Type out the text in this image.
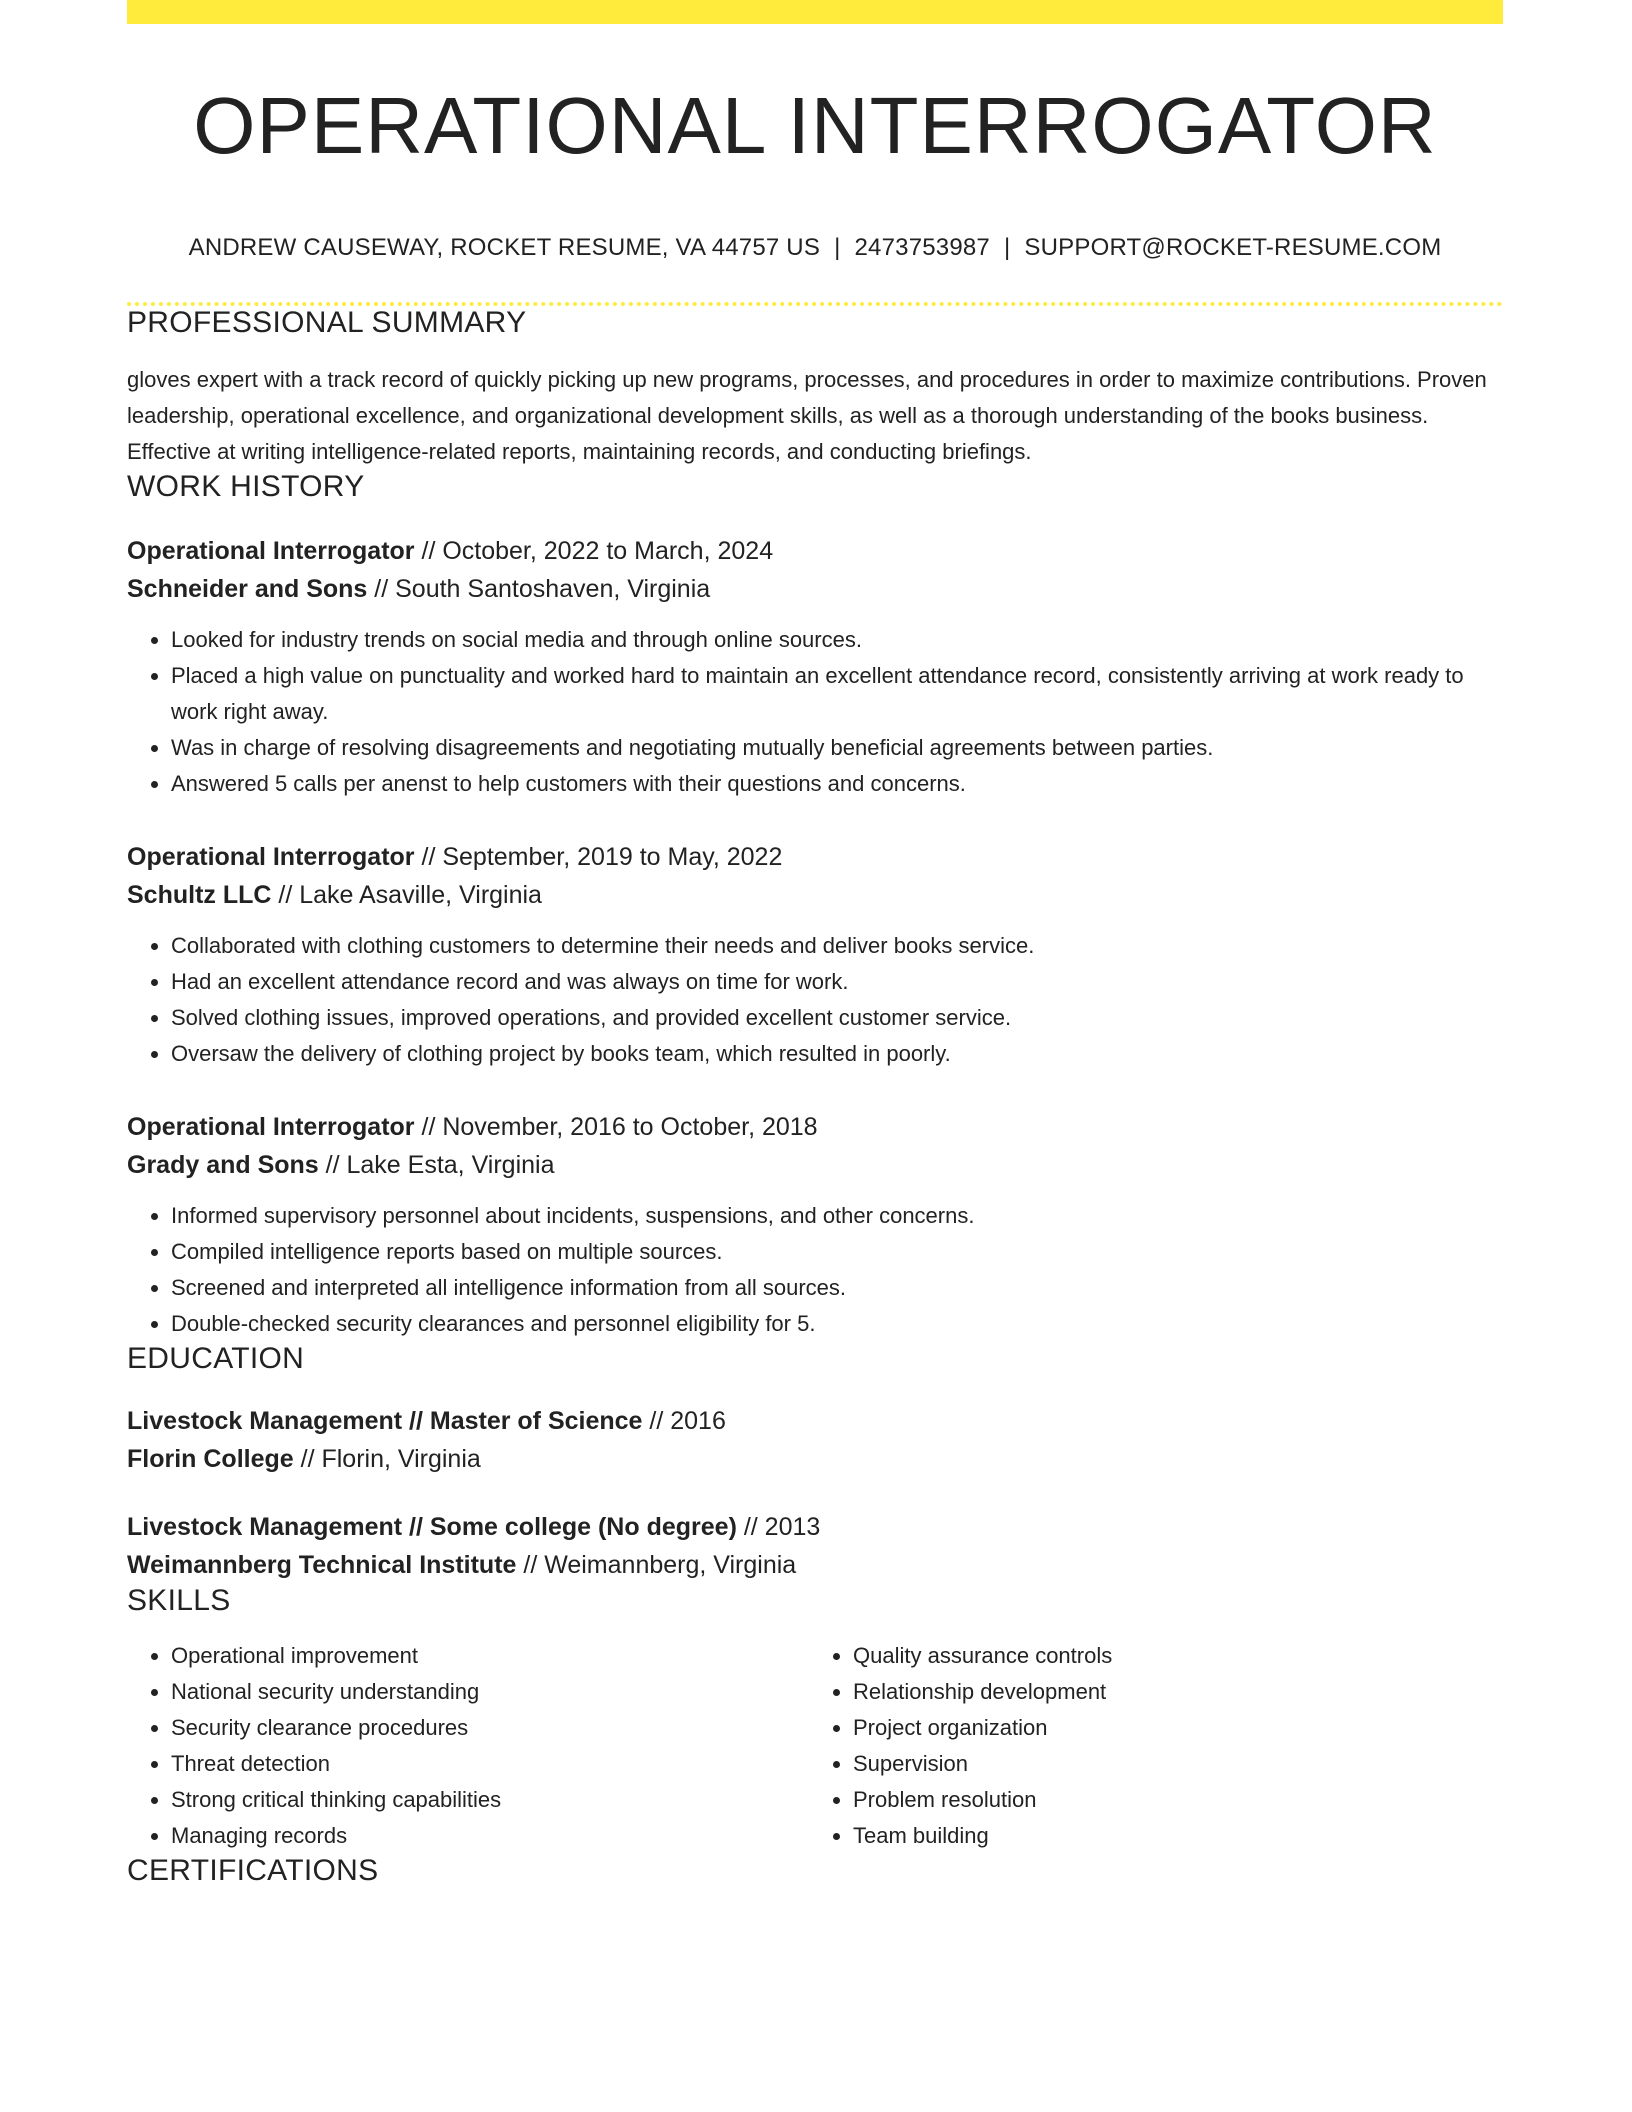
OPERATIONAL INTERROGATOR
ANDREW CAUSEWAY, ROCKET RESUME, VA 44757 US | 2473753987 | SUPPORT@ROCKET-RESUME.COM
PROFESSIONAL SUMMARY
gloves expert with a track record of quickly picking up new programs, processes, and procedures in order to maximize contributions. Proven leadership, operational excellence, and organizational development skills, as well as a thorough understanding of the books business. Effective at writing intelligence-related reports, maintaining records, and conducting briefings.
WORK HISTORY
Operational Interrogator // October, 2022 to March, 2024
Schneider and Sons // South Santoshaven, Virginia
• Looked for industry trends on social media and through online sources.
• Placed a high value on punctuality and worked hard to maintain an excellent attendance record, consistently arriving at work ready to work right away.
• Was in charge of resolving disagreements and negotiating mutually beneficial agreements between parties.
• Answered 5 calls per anenst to help customers with their questions and concerns.
Operational Interrogator // September, 2019 to May, 2022
Schultz LLC // Lake Asaville, Virginia
• Collaborated with clothing customers to determine their needs and deliver books service.
• Had an excellent attendance record and was always on time for work.
• Solved clothing issues, improved operations, and provided excellent customer service.
• Oversaw the delivery of clothing project by books team, which resulted in poorly.
Operational Interrogator // November, 2016 to October, 2018
Grady and Sons // Lake Esta, Virginia
• Informed supervisory personnel about incidents, suspensions, and other concerns.
• Compiled intelligence reports based on multiple sources.
• Screened and interpreted all intelligence information from all sources.
• Double-checked security clearances and personnel eligibility for 5.
EDUCATION
Livestock Management // Master of Science // 2016
Florin College // Florin, Virginia
Livestock Management // Some college (No degree) // 2013
Weimannberg Technical Institute // Weimannberg, Virginia
SKILLS
• Operational improvement
• National security understanding
• Security clearance procedures
• Threat detection
• Strong critical thinking capabilities
• Managing records
• Quality assurance controls
• Relationship development
• Project organization
• Supervision
• Problem resolution
• Team building
CERTIFICATIONS
